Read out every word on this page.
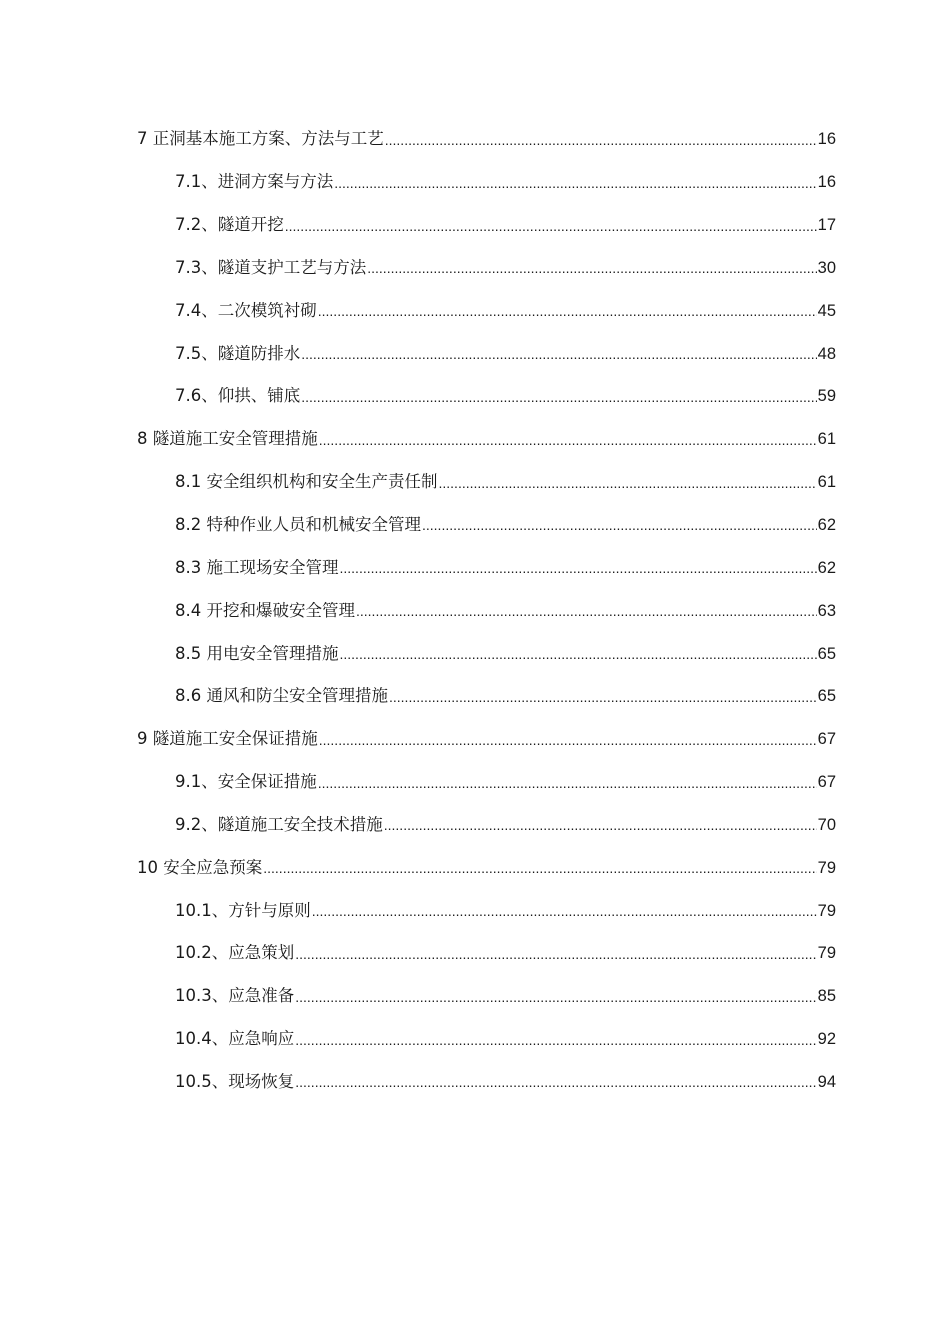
7 正洞基本施工方案、方法与工艺 .....	16
7.1、进洞方案与方法 .....	16
7.2、隧道开挖 .....	17
7.3、隧道支护工艺与方法 .....	30
7.4、二次模筑衬砌 .....	45
7.5、隧道防排水 .....	48
7.6、仰拱、铺底 .....	59
8 隧道施工安全管理措施 .....	61
8.1 安全组织机构和安全生产责任制 .....	61
8.2 特种作业人员和机械安全管理 .....	62
8.3 施工现场安全管理 .....	62
8.4 开挖和爆破安全管理 .....	63
8.5 用电安全管理措施 .....	65
8.6 通风和防尘安全管理措施 .....	65
9 隧道施工安全保证措施 .....	67
9.1、安全保证措施 .....	67
9.2、隧道施工安全技术措施 .....	70
10 安全应急预案 .....	79
10.1、方针与原则 .....	79
10.2、应急策划 .....	79
10.3、应急准备 .....	85
10.4、应急响应 .....	92
10.5、现场恢复 .....	94
